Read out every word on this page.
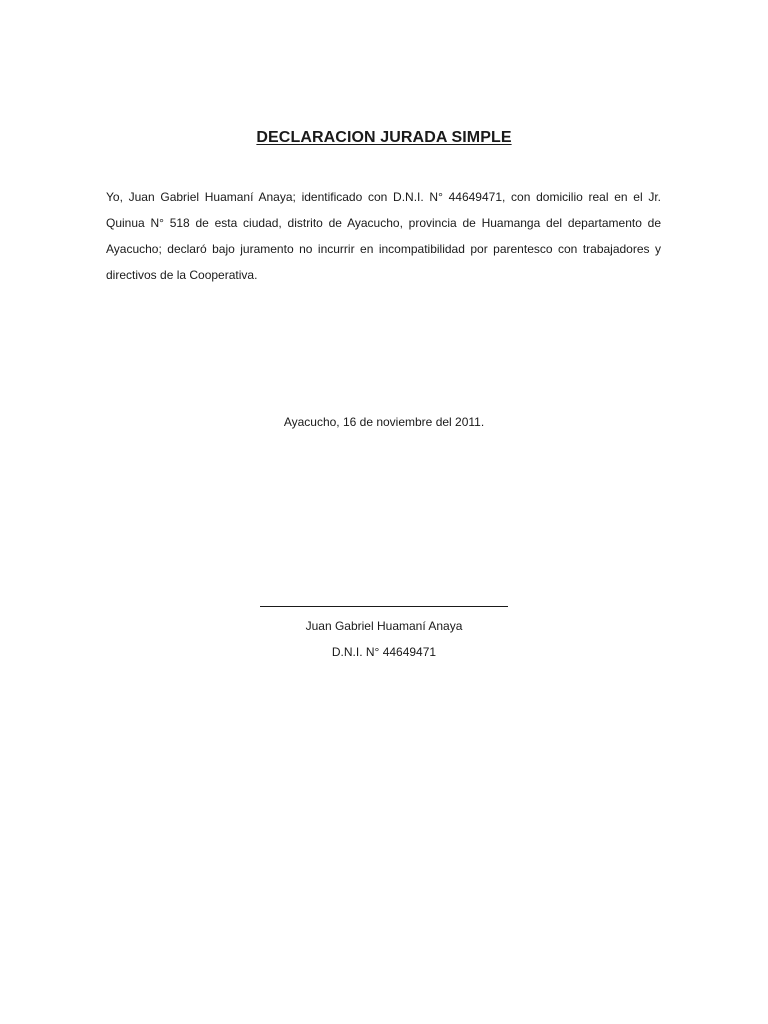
DECLARACION JURADA SIMPLE
Yo, Juan Gabriel Huamaní Anaya; identificado con D.N.I. N° 44649471, con domicilio real en el Jr. Quinua N° 518 de esta ciudad, distrito de Ayacucho, provincia de Huamanga del departamento de Ayacucho; declaró bajo juramento no incurrir en incompatibilidad por parentesco con trabajadores y directivos de la Cooperativa.
Ayacucho, 16 de noviembre del 2011.
Juan Gabriel Huamaní Anaya
D.N.I. N° 44649471
